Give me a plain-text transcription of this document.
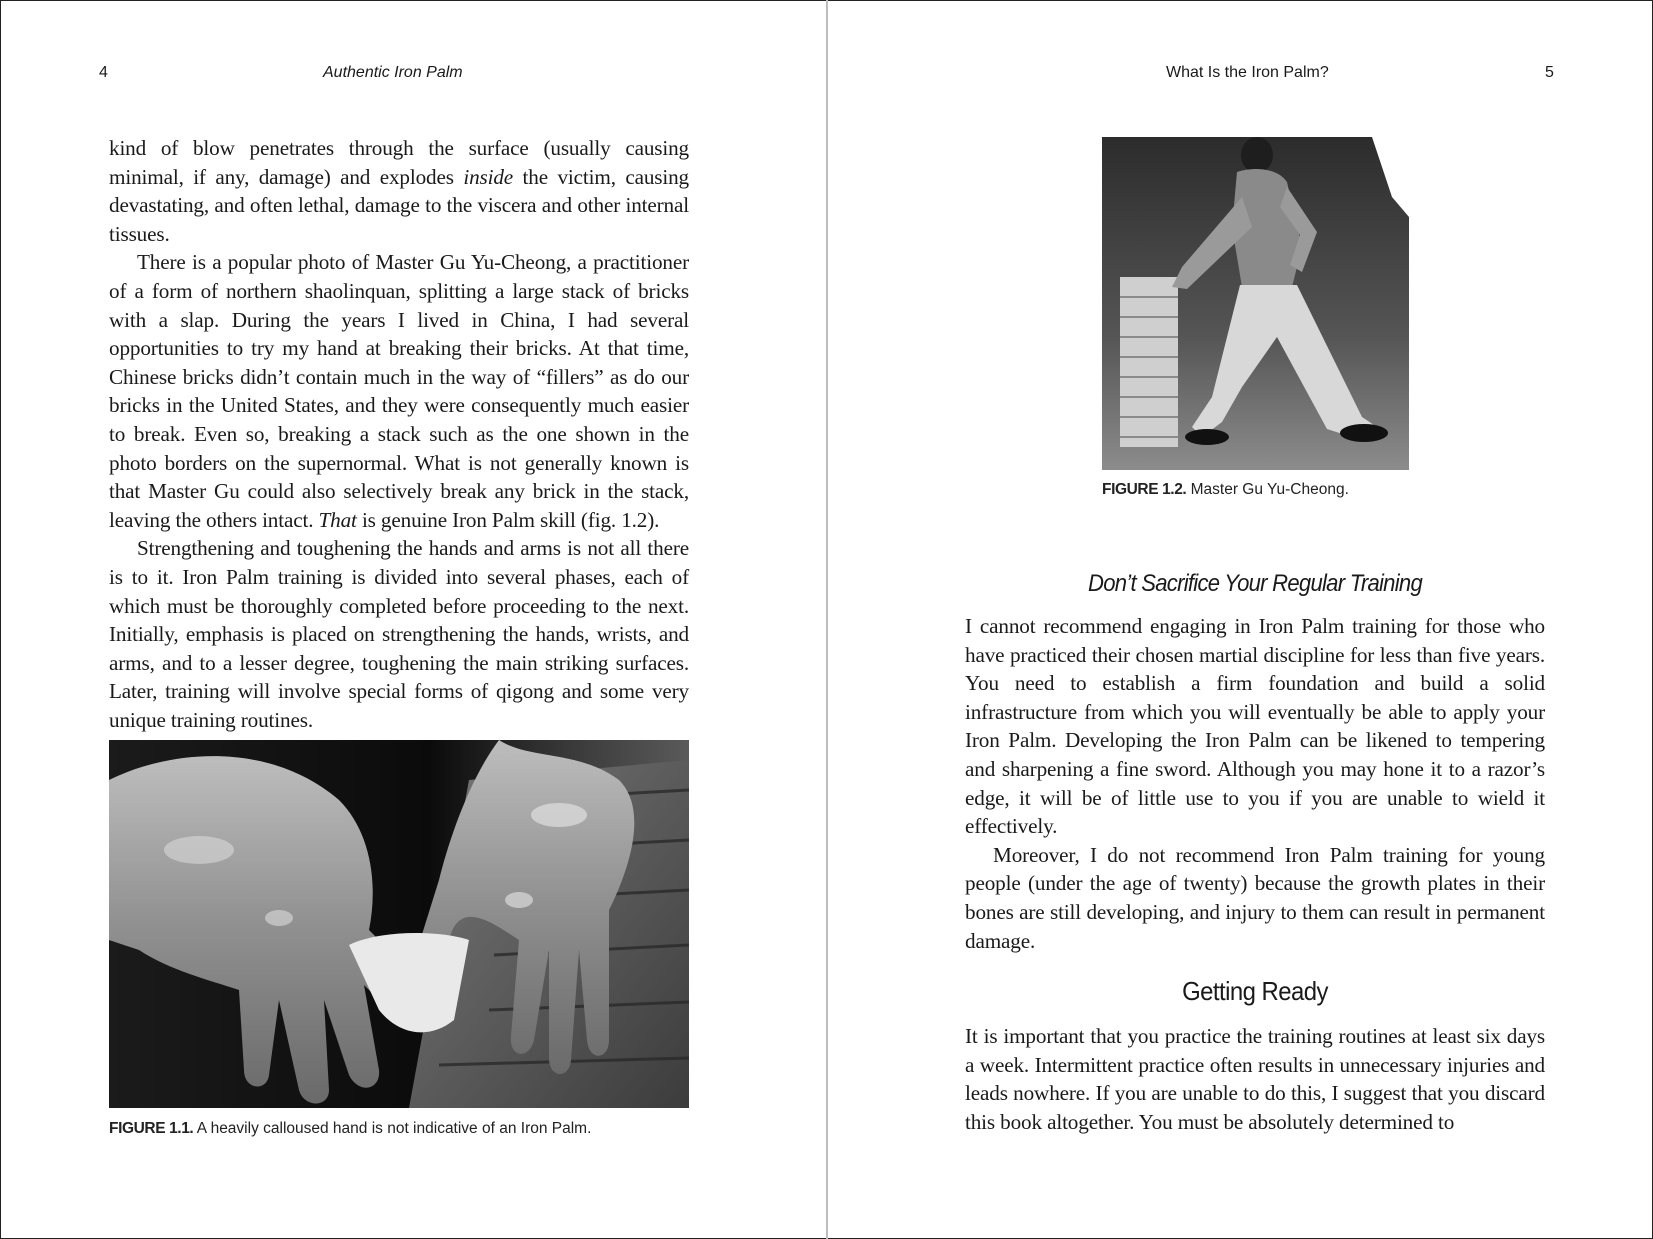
4	Authentic Iron Palm

kind of blow penetrates through the surface (usually causing minimal, if any, damage) and explodes inside the victim, causing devastating, and often lethal, damage to the viscera and other internal tissues.

There is a popular photo of Master Gu Yu-Cheong, a practitioner of a form of northern shaolinquan, splitting a large stack of bricks with a slap. During the years I lived in China, I had several opportunities to try my hand at breaking their bricks. At that time, Chinese bricks didn’t contain much in the way of “fillers” as do our bricks in the United States, and they were consequently much easier to break. Even so, breaking a stack such as the one shown in the photo borders on the supernormal. What is not generally known is that Master Gu could also selectively break any brick in the stack, leaving the others intact. That is genuine Iron Palm skill (fig. 1.2).

Strengthening and toughening the hands and arms is not all there is to it. Iron Palm training is divided into several phases, each of which must be thoroughly completed before proceeding to the next. Initially, emphasis is placed on strengthening the hands, wrists, and arms, and to a lesser degree, toughening the main striking surfaces. Later, training will involve special forms of qigong and some very unique training routines.

FIGURE 1.1. A heavily calloused hand is not indicative of an Iron Palm.
What Is the Iron Palm?	5
FIGURE 1.2. Master Gu Yu-Cheong.
Don’t Sacrifice Your Regular Training

I cannot recommend engaging in Iron Palm training for those who have practiced their chosen martial discipline for less than five years. You need to establish a firm foundation and build a solid infrastructure from which you will eventually be able to apply your Iron Palm. Developing the Iron Palm can be likened to tempering and sharpening a fine sword. Although you may hone it to a razor’s edge, it will be of little use to you if you are unable to wield it effectively.

Moreover, I do not recommend Iron Palm training for young people (under the age of twenty) because the growth plates in their bones are still developing, and injury to them can result in permanent damage.

Getting Ready

It is important that you practice the training routines at least six days a week. Intermittent practice often results in unnecessary injuries and leads nowhere. If you are unable to do this, I suggest that you discard this book altogether. You must be absolutely determined to
